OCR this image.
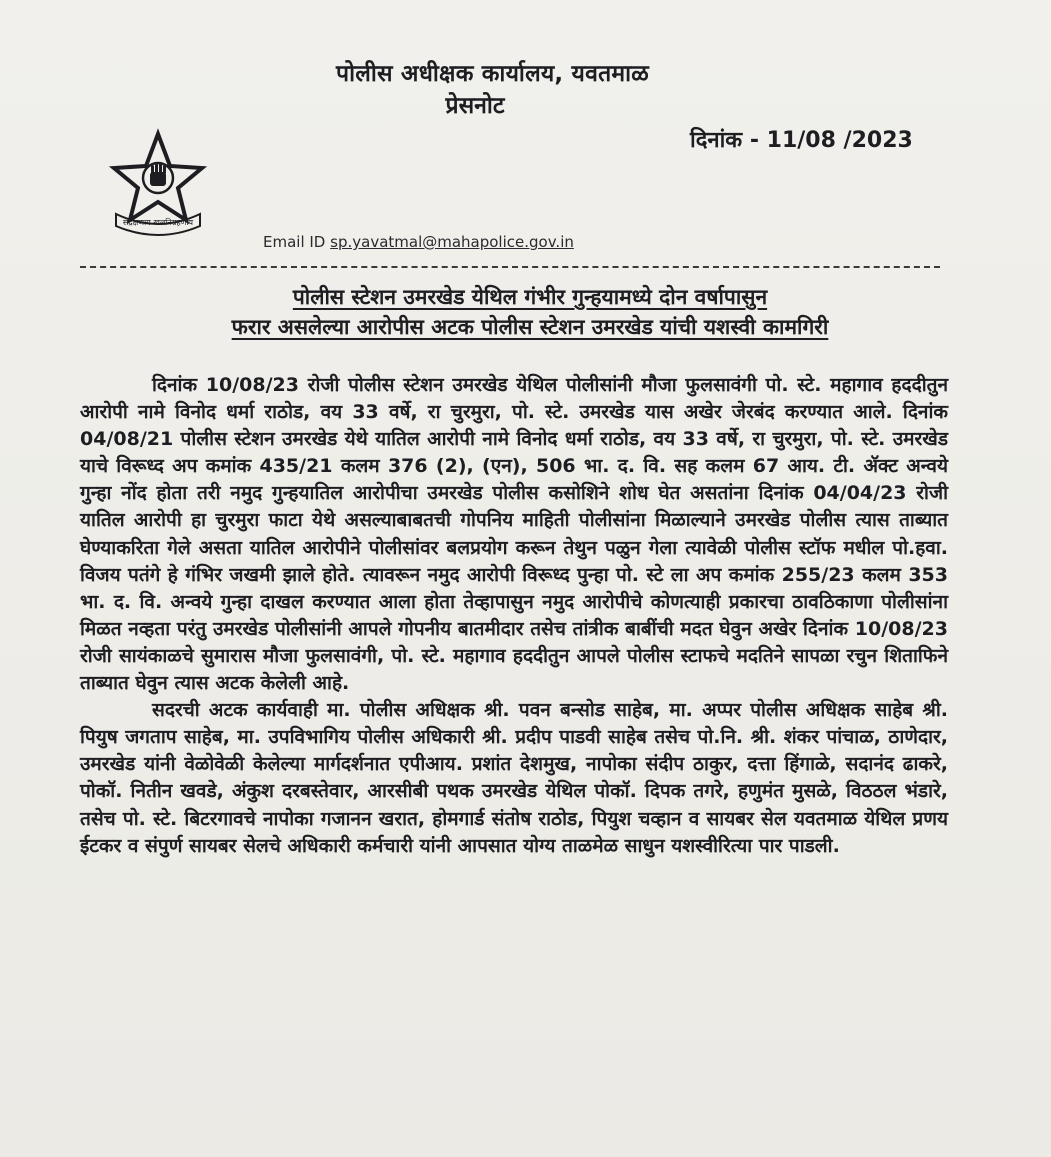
पोलीस अधीक्षक कार्यालय, यवतमाळ
प्रेसनोट
दिनांक - 11/08 /2023
सद्रक्षणाय खलनिग्रहणाय
Email ID sp.yavatmal@mahapolice.gov.in
पोलीस स्टेशन उमरखेड येथिल गंभीर गुन्हयामध्ये दोन वर्षापासुन
फरार असलेल्या आरोपीस अटक पोलीस स्टेशन उमरखेड यांची यशस्वी कामगिरी

दिनांक 10/08/23 रोजी पोलीस स्टेशन उमरखेड येथिल पोलीसांनी मौजा फुलसावंगी पो. स्टे. महागाव हददीतुन आरोपी नामे विनोद धर्मा राठोड, वय 33 वर्षे, रा चुरमुरा, पो. स्टे. उमरखेड यास अखेर जेरबंद करण्यात आले. दिनांक 04/08/21 पोलीस स्टेशन उमरखेड येथे यातिल आरोपी नामे विनोद धर्मा राठोड, वय 33 वर्षे, रा चुरमुरा, पो. स्टे. उमरखेड याचे विरूध्द अप कमांक 435/21 कलम 376 (2), (एन), 506 भा. द. वि. सह कलम 67 आय. टी. ॲक्ट अन्वये गुन्हा नोंद होता तरी नमुद गुन्हयातिल आरोपीचा उमरखेड पोलीस कसोशिने शोध घेत असतांना दिनांक 04/04/23 रोजी यातिल आरोपी हा चुरमुरा फाटा येथे असल्याबाबतची गोपनिय माहिती पोलीसांना मिळाल्याने उमरखेड पोलीस त्यास ताब्यात घेण्याकरिता गेले असता यातिल आरोपीने पोलीसांवर बलप्रयोग करून तेथुन पळुन गेला त्यावेळी पोलीस स्टॉफ मधील पो.हवा. विजय पतंगे हे गंभिर जखमी झाले होते. त्यावरून नमुद आरोपी विरूध्द पुन्हा पो. स्टे ला अप कमांक 255/23 कलम 353 भा. द. वि. अन्वये गुन्हा दाखल करण्यात आला होता तेव्हापासुन नमुद आरोपीचे कोणत्याही प्रकारचा ठावठिकाणा पोलीसांना मिळत नव्हता परंतु उमरखेड पोलीसांनी आपले गोपनीय बातमीदार तसेच तांत्रीक बाबींची मदत घेवुन अखेर दिनांक 10/08/23 रोजी सायंकाळचे सुमारास मौजा फुलसावंगी, पो. स्टे. महागाव हददीतुन आपले पोलीस स्टाफचे मदतिने सापळा रचुन शिताफिने ताब्यात घेवुन त्यास अटक केलेली आहे.

सदरची अटक कार्यवाही मा. पोलीस अधिक्षक श्री. पवन बन्सोड साहेब, मा. अप्पर पोलीस अधिक्षक साहेब श्री. पियुष जगताप साहेब, मा. उपविभागिय पोलीस अधिकारी श्री. प्रदीप पाडवी साहेब तसेच पो.नि. श्री. शंकर पांचाळ, ठाणेदार, उमरखेड यांनी वेळोवेळी केलेल्या मार्गदर्शनात एपीआय. प्रशांत देशमुख, नापोका संदीप ठाकुर, दत्ता हिंगाळे, सदानंद ढाकरे, पोकॉ. नितीन खवडे, अंकुश दरबस्तेवार, आरसीबी पथक उमरखेड येथिल पोकॉ. दिपक तगरे, हणुमंत मुसळे, विठठल भंडारे, तसेच पो. स्टे. बिटरगावचे नापोका गजानन खरात, होमगार्ड संतोष राठोड, पियुश चव्हान व सायबर सेल यवतमाळ येथिल प्रणय ईटकर व संपुर्ण सायबर सेलचे अधिकारी कर्मचारी यांनी आपसात योग्य ताळमेळ साधुन यशस्वीरित्या पार पाडली.
